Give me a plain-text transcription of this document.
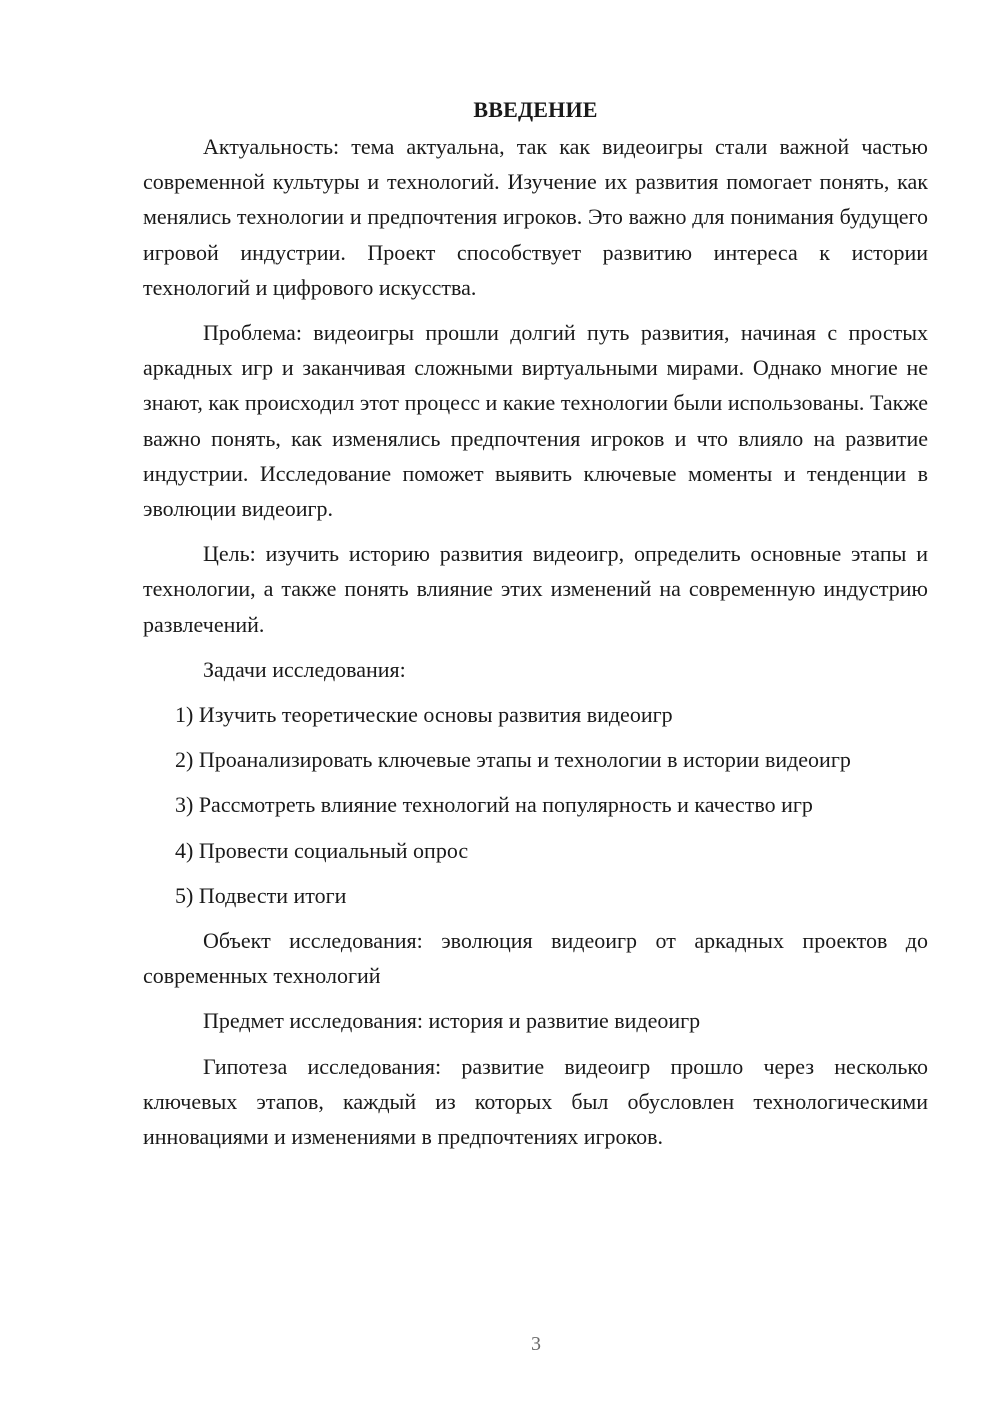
ВВЕДЕНИЕ

Актуальность: тема актуальна, так как видеоигры стали важной частью современной культуры и технологий. Изучение их развития помогает понять, как менялись технологии и предпочтения игроков. Это важно для понимания будущего игровой индустрии. Проект способствует развитию интереса к истории технологий и цифрового искусства.

Проблема: видеоигры прошли долгий путь развития, начиная с простых аркадных игр и заканчивая сложными виртуальными мирами. Однако многие не знают, как происходил этот процесс и какие технологии были использованы. Также важно понять, как изменялись предпочтения игроков и что влияло на развитие индустрии. Исследование поможет выявить ключевые моменты и тенденции в эволюции видеоигр.

Цель: изучить историю развития видеоигр, определить основные этапы и технологии, а также понять влияние этих изменений на современную индустрию развлечений.

Задачи исследования:

1) Изучить теоретические основы развития видеоигр

2) Проанализировать ключевые этапы и технологии в истории видеоигр

3) Рассмотреть влияние технологий на популярность и качество игр

4) Провести социальный опрос

5) Подвести итоги

Объект исследования: эволюция видеоигр от аркадных проектов до современных технологий

Предмет исследования: история и развитие видеоигр

Гипотеза исследования: развитие видеоигр прошло через несколько ключевых этапов, каждый из которых был обусловлен технологическими инновациями и изменениями в предпочтениях игроков.

3
